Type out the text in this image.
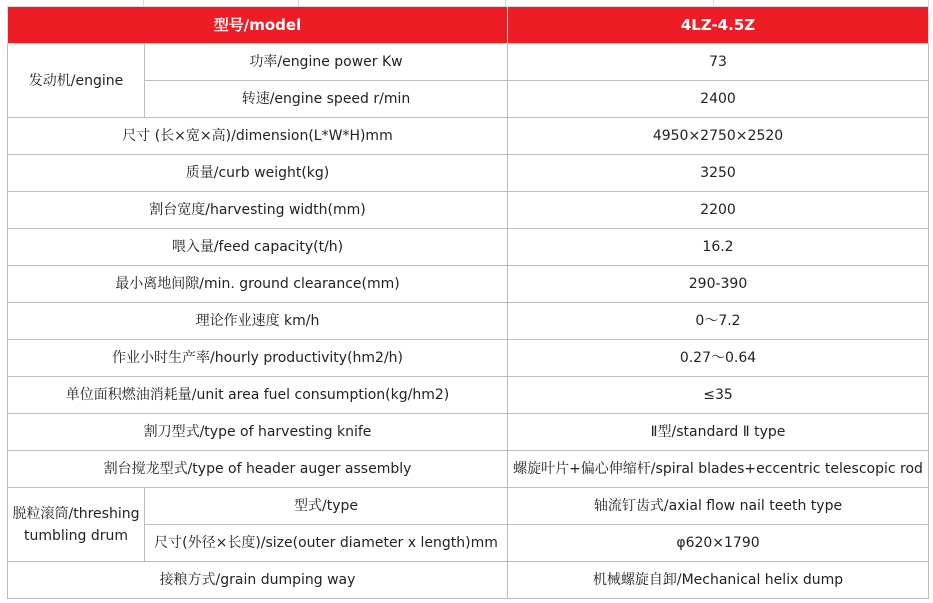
型号/model		4LZ-4.5Z
发动机/engine	功率/engine power Kw	73
	转速/engine speed r/min	2400
尺寸 (长×宽×高)/dimension(L*W*H)mm		4950×2750×2520
质量/curb weight(kg)		3250
割台宽度/harvesting width(mm)		2200
喂入量/feed capacity(t/h)		16.2
最小离地间隙/min. ground clearance(mm)		290-390
理论作业速度 km/h		0～7.2
作业小时生产率/hourly productivity(hm2/h)		0.27～0.64
单位面积燃油消耗量/unit area fuel consumption(kg/hm2)		≤35
割刀型式/type of harvesting knife		Ⅱ型/standard Ⅱ type
割台搅龙型式/type of header auger assembly		螺旋叶片+偏心伸缩杆/spiral blades+eccentric telescopic rod
脱粒滚筒/threshing tumbling drum	型式/type	轴流钉齿式/axial flow nail teeth type
	尺寸(外径×长度)/size(outer diameter x length)mm	φ620×1790
接粮方式/grain dumping way		机械螺旋自卸/Mechanical helix dump
